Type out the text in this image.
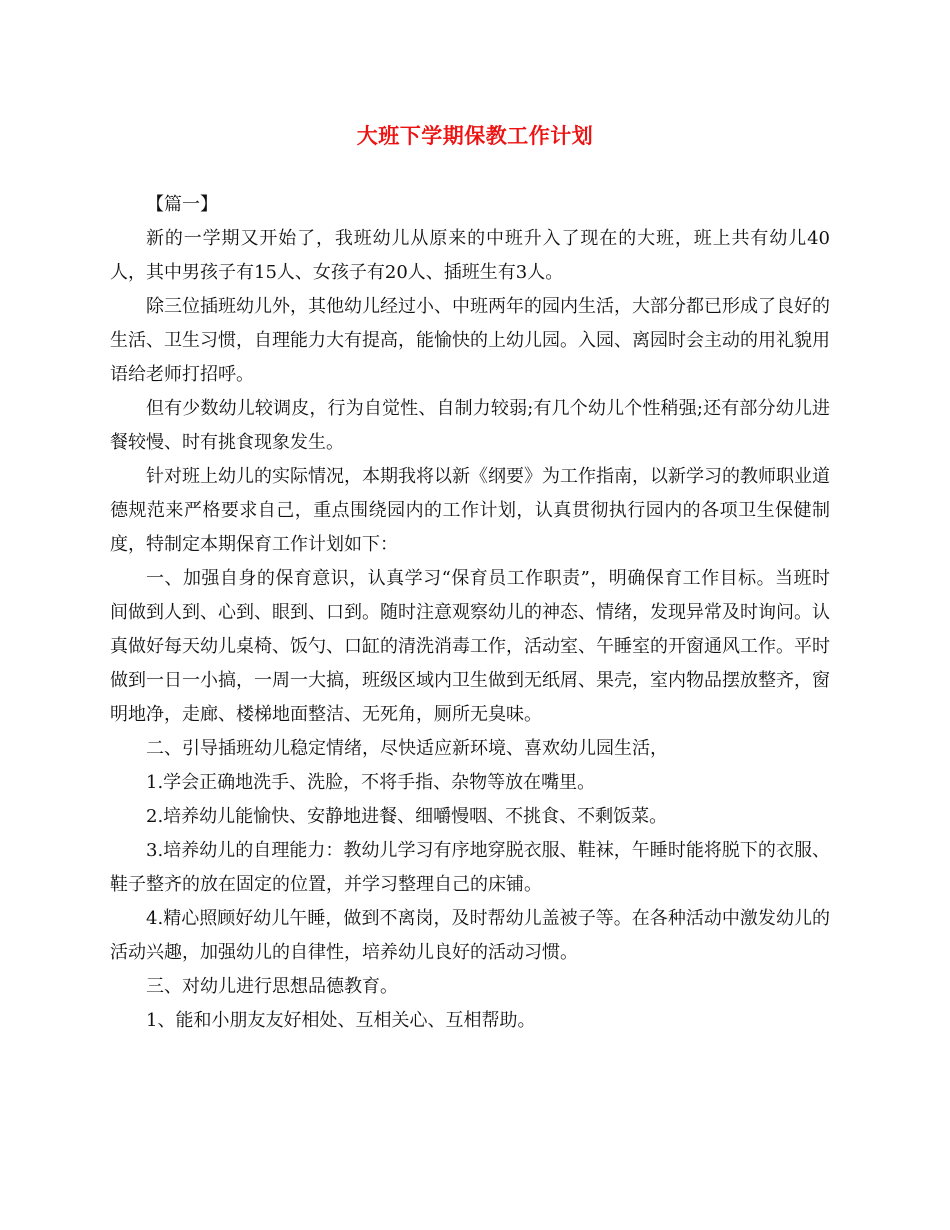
大班下学期保教工作计划

【篇一】

新的一学期又开始了，我班幼儿从原来的中班升入了现在的大班，班上共有幼儿40人，其中男孩子有15人、女孩子有20人、插班生有3人。

除三位插班幼儿外，其他幼儿经过小、中班两年的园内生活，大部分都已形成了良好的生活、卫生习惯，自理能力大有提高，能愉快的上幼儿园。入园、离园时会主动的用礼貌用语给老师打招呼。

但有少数幼儿较调皮，行为自觉性、自制力较弱;有几个幼儿个性稍强;还有部分幼儿进餐较慢、时有挑食现象发生。

针对班上幼儿的实际情况，本期我将以新《纲要》为工作指南，以新学习的教师职业道德规范来严格要求自己，重点围绕园内的工作计划，认真贯彻执行园内的各项卫生保健制度，特制定本期保育工作计划如下：

一、加强自身的保育意识，认真学习“保育员工作职责”，明确保育工作目标。当班时间做到人到、心到、眼到、口到。随时注意观察幼儿的神态、情绪，发现异常及时询问。认真做好每天幼儿桌椅、饭勺、口缸的清洗消毒工作，活动室、午睡室的开窗通风工作。平时做到一日一小搞，一周一大搞，班级区域内卫生做到无纸屑、果壳，室内物品摆放整齐，窗明地净，走廊、楼梯地面整洁、无死角，厕所无臭味。

二、引导插班幼儿稳定情绪，尽快适应新环境、喜欢幼儿园生活，

1.学会正确地洗手、洗脸，不将手指、杂物等放在嘴里。

2.培养幼儿能愉快、安静地进餐、细嚼慢咽、不挑食、不剩饭菜。

3.培养幼儿的自理能力：教幼儿学习有序地穿脱衣服、鞋袜，午睡时能将脱下的衣服、鞋子整齐的放在固定的位置，并学习整理自己的床铺。

4.精心照顾好幼儿午睡，做到不离岗，及时帮幼儿盖被子等。在各种活动中激发幼儿的活动兴趣，加强幼儿的自律性，培养幼儿良好的活动习惯。

三、对幼儿进行思想品德教育。

1、能和小朋友友好相处、互相关心、互相帮助。
